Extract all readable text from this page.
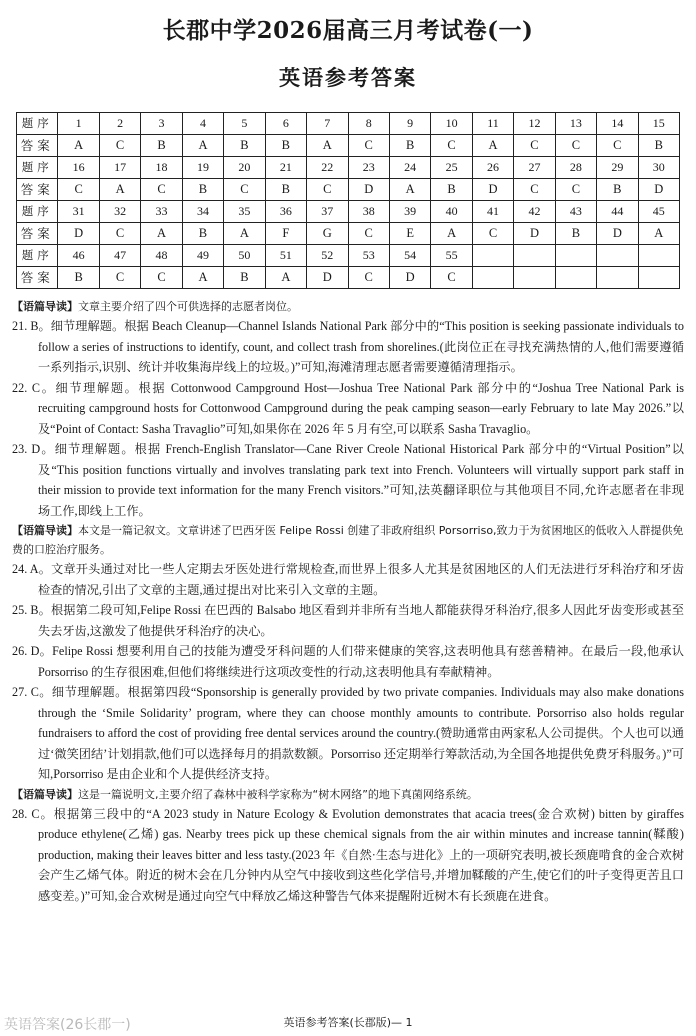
长郡中学2026届高三月考试卷(一)
英语参考答案
题序	1	2	3	4	5	6	7	8	9	10	11	12	13	14	15
答案	A	C	B	A	B	B	A	C	B	C	A	C	C	C	B
题序	16	17	18	19	20	21	22	23	24	25	26	27	28	29	30
答案	C	A	C	B	C	B	C	D	A	B	D	C	C	B	D
题序	31	32	33	34	35	36	37	38	39	40	41	42	43	44	45
答案	D	C	A	B	A	F	G	C	E	A	C	D	B	D	A
题序	46	47	48	49	50	51	52	53	54	55					
答案	B	C	C	A	B	A	D	C	D	C					

【语篇导读】文章主要介绍了四个可供选择的志愿者岗位。

21. B。细节理解题。根据 Beach Cleanup—Channel Islands National Park 部分中的“This position is seeking passionate individuals to follow a series of instructions to identify, count, and collect trash from shorelines.(此岗位正在寻找充满热情的人,他们需要遵循一系列指示,识别、统计并收集海岸线上的垃圾。)”可知,海滩清理志愿者需要遵循清理指示。

22. C。细节理解题。根据 Cottonwood Campground Host—Joshua Tree National Park 部分中的“Joshua Tree National Park is recruiting campground hosts for Cottonwood Campground during the peak camping season—early February to late May 2026.”以及“Point of Contact: Sasha Travaglio”可知,如果你在 2026 年 5 月有空,可以联系 Sasha Travaglio。

23. D。细节理解题。根据 French-English Translator—Cane River Creole National Historical Park 部分中的“Virtual Position”以及“This position functions virtually and involves translating park text into French. Volunteers will virtually support park staff in their mission to provide text information for the many French visitors.”可知,法英翻译职位与其他项目不同,允许志愿者在非现场工作,即线上工作。

【语篇导读】本文是一篇记叙文。文章讲述了巴西牙医 Felipe Rossi 创建了非政府组织 Porsorriso,致力于为贫困地区的低收入人群提供免费的口腔治疗服务。

24. A。文章开头通过对比一些人定期去牙医处进行常规检查,而世界上很多人尤其是贫困地区的人们无法进行牙科治疗和牙齿检查的情况,引出了文章的主题,通过提出对比来引入文章的主题。

25. B。根据第二段可知,Felipe Rossi 在巴西的 Balsabo 地区看到并非所有当地人都能获得牙科治疗,很多人因此牙齿变形或甚至失去牙齿,这激发了他提供牙科治疗的决心。

26. D。Felipe Rossi 想要利用自己的技能为遭受牙科问题的人们带来健康的笑容,这表明他具有慈善精神。在最后一段,他承认 Porsorriso 的生存很困难,但他们将继续进行这项改变性的行动,这表明他具有奉献精神。

27. C。细节理解题。根据第四段“Sponsorship is generally provided by two private companies. Individuals may also make donations through the ‘Smile Solidarity’ program, where they can choose monthly amounts to contribute. Porsorriso also holds regular fundraisers to afford the cost of providing free dental services around the country.(赞助通常由两家私人公司提供。个人也可以通过‘微笑团结’计划捐款,他们可以选择每月的捐款数额。Porsorriso 还定期举行筹款活动,为全国各地提供免费牙科服务。)”可知,Porsorriso 是由企业和个人提供经济支持。

【语篇导读】这是一篇说明文,主要介绍了森林中被科学家称为“树木网络”的地下真菌网络系统。

28. C。根据第三段中的“A 2023 study in Nature Ecology & Evolution demonstrates that acacia trees(金合欢树) bitten by giraffes produce ethylene(乙烯) gas. Nearby trees pick up these chemical signals from the air within minutes and increase tannin(鞣酸) production, making their leaves bitter and less tasty.(2023 年《自然·生态与进化》上的一项研究表明,被长颈鹿啃食的金合欢树会产生乙烯气体。附近的树木会在几分钟内从空气中接收到这些化学信号,并增加鞣酸的产生,使它们的叶子变得更苦且口感变差。)”可知,金合欢树是通过向空气中释放乙烯这种警告气体来提醒附近树木有长颈鹿在进食。

英语答案(26长郡一)	英语参考答案(长郡版)— 1
